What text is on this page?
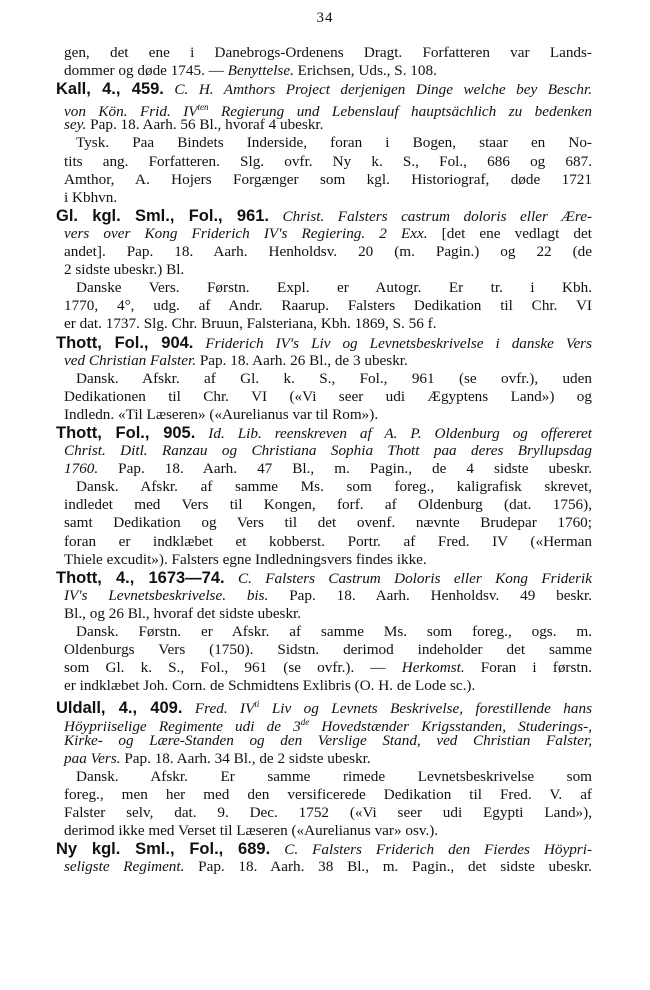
34
gen, det ene i Danebrogs-Ordenens Dragt. Forfatteren var Lands-
dommer og døde 1745. — Benyttelse. Erichsen, Uds., S. 108.
Kall, 4., 459. C. H. Amthors Project derjenigen Dinge welche bey Beschr.
von Kön. Frid. $IV^{ten}$ Regierung und Lebenslauf hauptsächlich zu bedenken
sey. Pap. 18. Aarh. 56 Bl., hvoraf 4 ubeskr.
Tysk. Paa Bindets Inderside, foran i Bogen, staar en No-
tits ang. Forfatteren. Slg. ovfr. Ny k. S., Fol., 686 og 687.
Amthor, A. Hojers Forgænger som kgl. Historiograf, døde 1721
i Kbhvn.
Gl. kgl. Sml., Fol., 961. Christ. Falsters castrum doloris eller Ære-
vers over Kong Friderich IV's Regiering. 2 Exx. [det ene vedlagt det
andet]. Pap. 18. Aarh. Henholdsv. 20 (m. Pagin.) og 22 (de
2 sidste ubeskr.) Bl.
Danske Vers. Førstn. Expl. er Autogr. Er tr. i Kbh.
1770, 4°, udg. af Andr. Raarup. Falsters Dedikation til Chr. VI
er dat. 1737. Slg. Chr. Bruun, Falsteriana, Kbh. 1869, S. 56 f.
Thott, Fol., 904. Friderich IV's Liv og Levnetsbeskrivelse i danske Vers
ved Christian Falster. Pap. 18. Aarh. 26 Bl., de 3 ubeskr.
Dansk. Afskr. af Gl. k. S., Fol., 961 (se ovfr.), uden
Dedikationen til Chr. VI («Vi seer udi Ægyptens Land») og
Indledn. «Til Læseren» («Aurelianus var til Rom»).
Thott, Fol., 905. Id. Lib. reenskreven af A. P. Oldenburg og offereret
Christ. Ditl. Ranzau og Christiana Sophia Thott paa deres Bryllupsdag
1760. Pap. 18. Aarh. 47 Bl., m. Pagin., de 4 sidste ubeskr.
Dansk. Afskr. af samme Ms. som foreg., kaligrafisk skrevet,
indledet med Vers til Kongen, forf. af Oldenburg (dat. 1756),
samt Dedikation og Vers til det ovenf. nævnte Brudepar 1760;
foran er indklæbet et kobberst. Portr. af Fred. IV («Herman
Thiele excudit»). Falsters egne Indledningsvers findes ikke.
Thott, 4., 1673—74. C. Falsters Castrum Doloris eller Kong Friderik
IV's Levnetsbeskrivelse. bis. Pap. 18. Aarh. Henholdsv. 49 beskr.
Bl., og 26 Bl., hvoraf det sidste ubeskr.
Dansk. Førstn. er Afskr. af samme Ms. som foreg., ogs. m.
Oldenburgs Vers (1750). Sidstn. derimod indeholder det samme
som Gl. k. S., Fol., 961 (se ovfr.). — Herkomst. Foran i førstn.
er indklæbet Joh. Corn. de Schmidtens Exlibris (O. H. de Lode sc.).
Uldall, 4., 409. Fred. $IV^{ti}$ Liv og Levnets Beskrivelse, forestillende hans
Höypriiselige Regimente udi de 3de Hovedstænder Krigsstanden, Studerings-,
Kirke- og Lære-Standen og den Verslige Stand, ved Christian Falster,
paa Vers. Pap. 18. Aarh. 34 Bl., de 2 sidste ubeskr.
Dansk. Afskr. Er samme rimede Levnetsbeskrivelse som
foreg., men her med den versificerede Dedikation til Fred. V. af
Falster selv, dat. 9. Dec. 1752 («Vi seer udi Egypti Land»),
derimod ikke med Verset til Læseren («Aurelianus var» osv.).
Ny kgl. Sml., Fol., 689. C. Falsters Friderich den Fierdes Höypri-
seligste Regiment. Pap. 18. Aarh. 38 Bl., m. Pagin., det sidste ubeskr.
